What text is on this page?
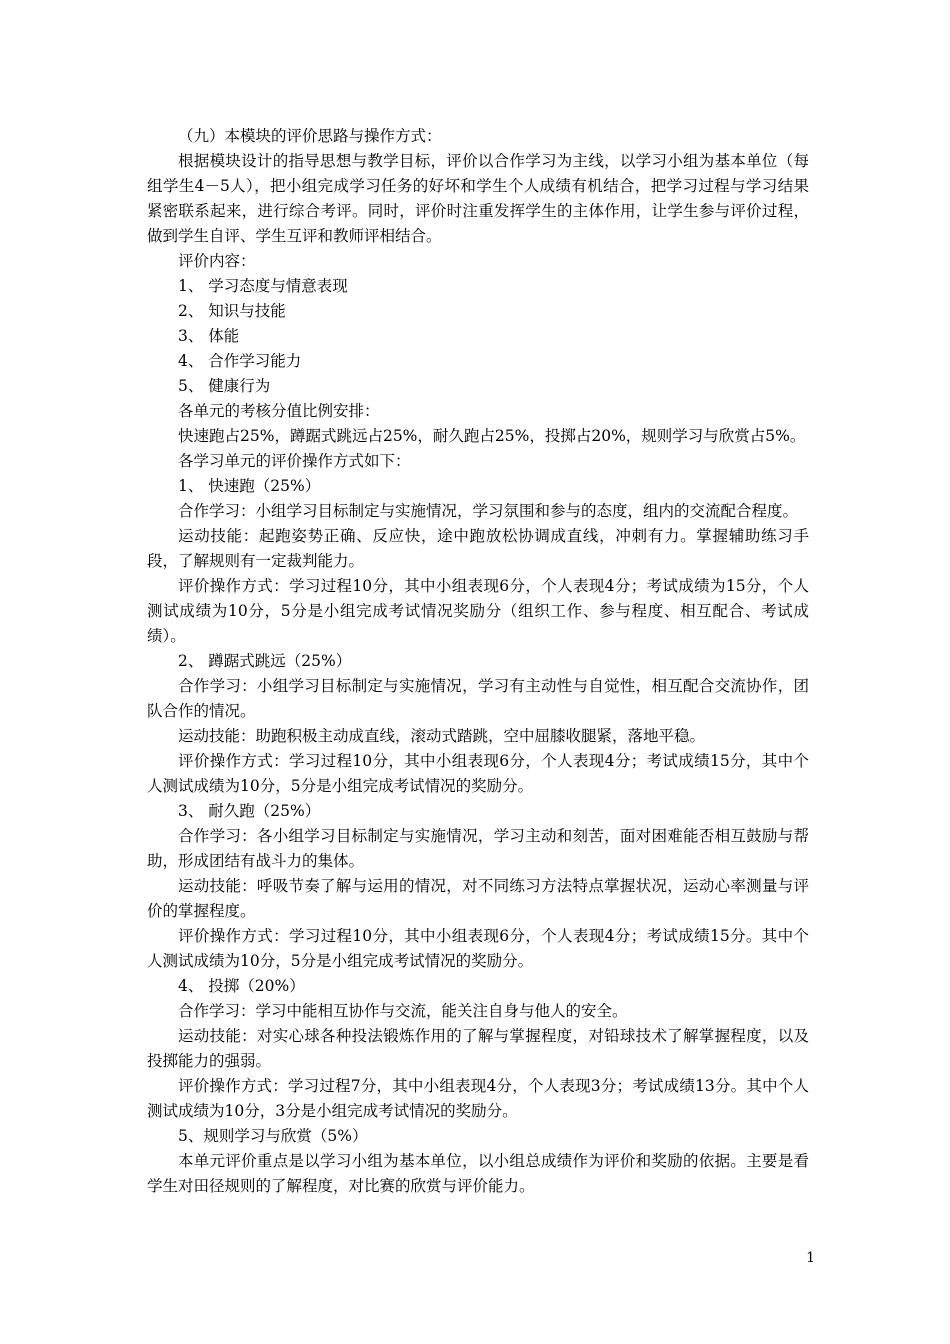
（九）本模块的评价思路与操作方式：

根据模块设计的指导思想与教学目标，评价以合作学习为主线，以学习小组为基本单位（每组学生4－5人），把小组完成学习任务的好坏和学生个人成绩有机结合，把学习过程与学习结果紧密联系起来，进行综合考评。同时，评价时注重发挥学生的主体作用，让学生参与评价过程，做到学生自评、学生互评和教师评相结合。

评价内容：

1、 学习态度与情意表现

2、 知识与技能

3、 体能

4、 合作学习能力

5、 健康行为

各单元的考核分值比例安排：

快速跑占25%，蹲踞式跳远占25%，耐久跑占25%，投掷占20%，规则学习与欣赏占5%。

各学习单元的评价操作方式如下：

1、 快速跑（25%）

合作学习：小组学习目标制定与实施情况，学习氛围和参与的态度，组内的交流配合程度。

运动技能：起跑姿势正确、反应快，途中跑放松协调成直线，冲刺有力。掌握辅助练习手段，了解规则有一定裁判能力。

评价操作方式：学习过程10分，其中小组表现6分，个人表现4分；考试成绩为15分，个人测试成绩为10分，5分是小组完成考试情况奖励分（组织工作、参与程度、相互配合、考试成绩）。

2、 蹲踞式跳远（25%）

合作学习：小组学习目标制定与实施情况，学习有主动性与自觉性，相互配合交流协作，团队合作的情况。

运动技能：助跑积极主动成直线，滚动式踏跳，空中屈膝收腿紧，落地平稳。

评价操作方式：学习过程10分，其中小组表现6分，个人表现4分；考试成绩15分，其中个人测试成绩为10分，5分是小组完成考试情况的奖励分。

3、 耐久跑（25%）

合作学习：各小组学习目标制定与实施情况，学习主动和刻苦，面对困难能否相互鼓励与帮助，形成团结有战斗力的集体。

运动技能：呼吸节奏了解与运用的情况，对不同练习方法特点掌握状况，运动心率测量与评价的掌握程度。

评价操作方式：学习过程10分，其中小组表现6分，个人表现4分；考试成绩15分。其中个人测试成绩为10分，5分是小组完成考试情况的奖励分。

4、 投掷（20%）

合作学习：学习中能相互协作与交流，能关注自身与他人的安全。

运动技能：对实心球各种投法锻炼作用的了解与掌握程度，对铅球技术了解掌握程度，以及投掷能力的强弱。

评价操作方式：学习过程7分，其中小组表现4分，个人表现3分；考试成绩13分。其中个人测试成绩为10分，3分是小组完成考试情况的奖励分。

5、规则学习与欣赏（5%）

本单元评价重点是以学习小组为基本单位，以小组总成绩作为评价和奖励的依据。主要是看学生对田径规则的了解程度，对比赛的欣赏与评价能力。

1
